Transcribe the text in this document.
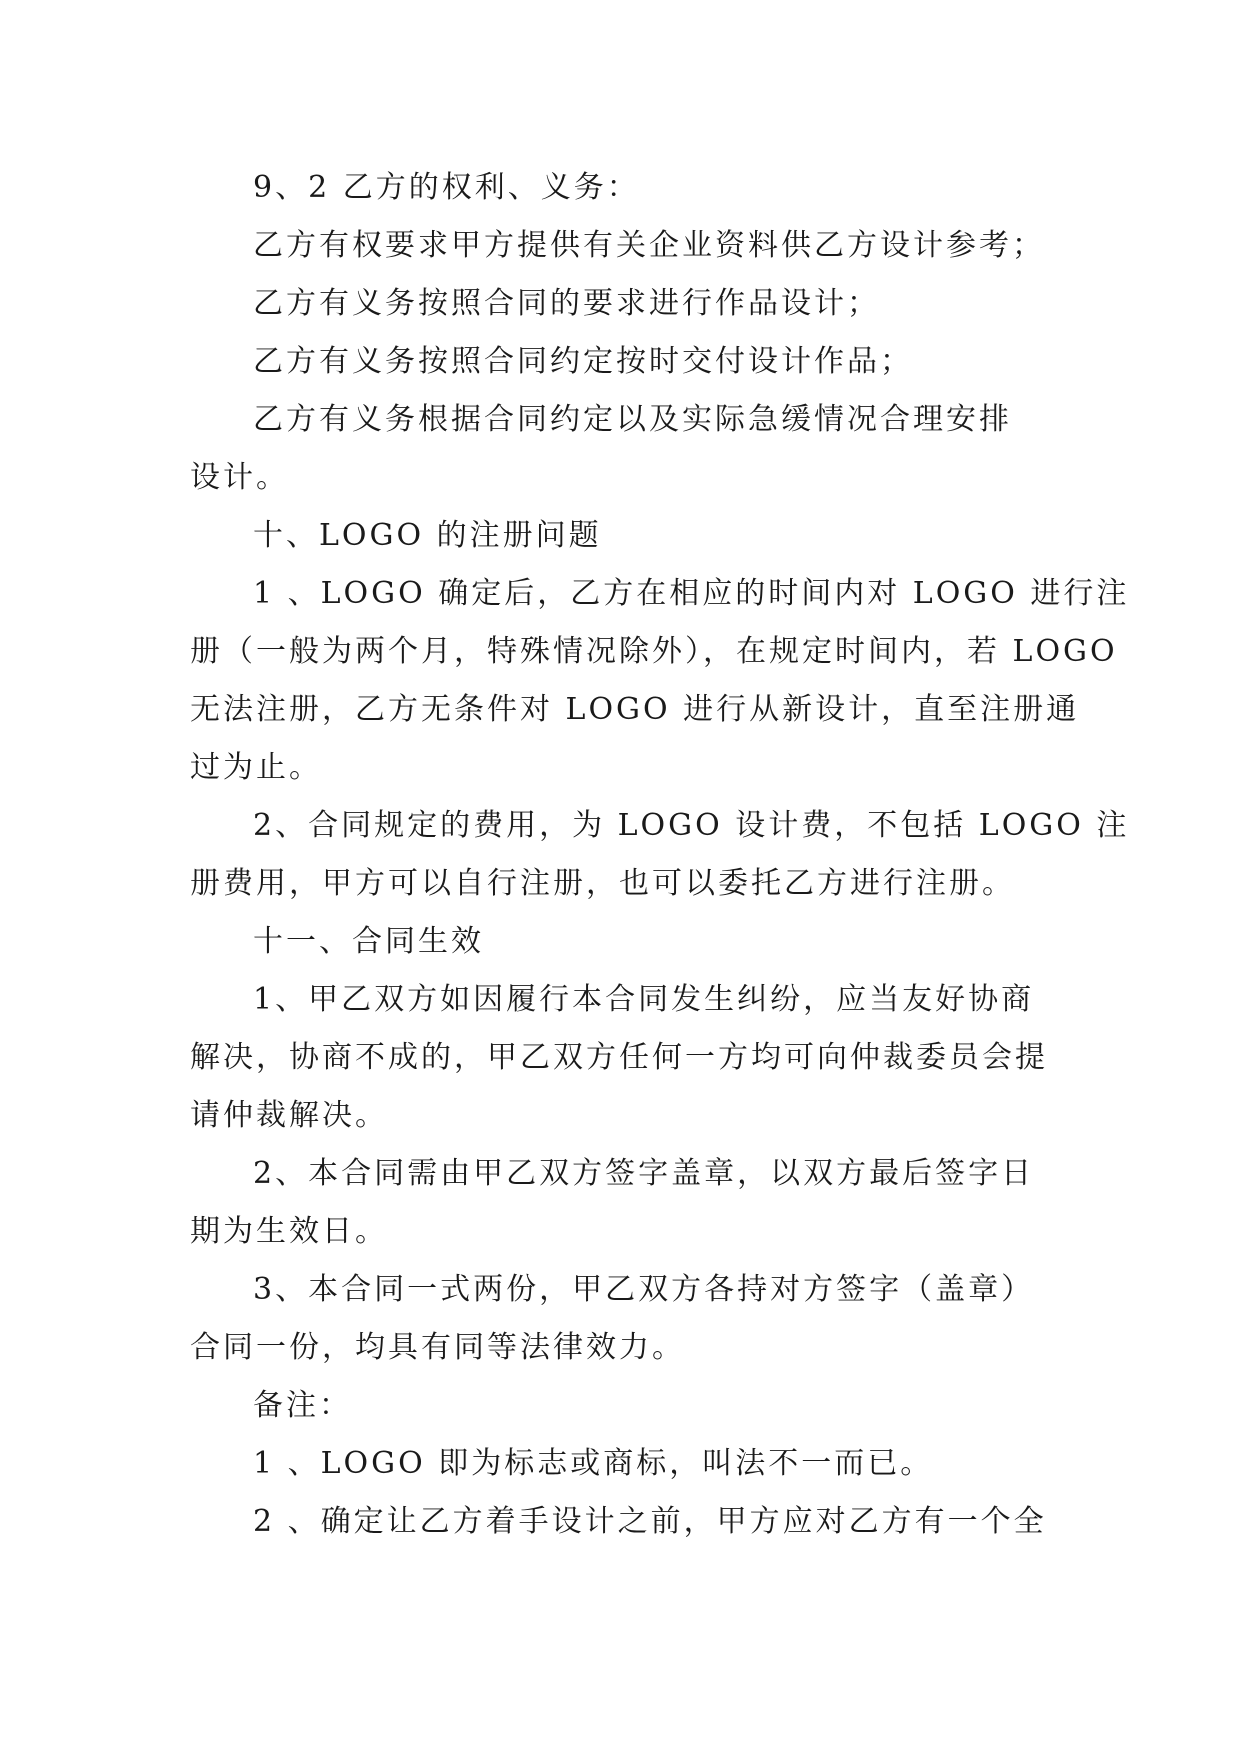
9、2 乙方的权利、义务：
乙方有权要求甲方提供有关企业资料供乙方设计参考；
乙方有义务按照合同的要求进行作品设计；
乙方有义务按照合同约定按时交付设计作品；
乙方有义务根据合同约定以及实际急缓情况合理安排
设计。
十、LOGO 的注册问题
1 、LOGO 确定后，乙方在相应的时间内对 LOGO 进行注
册（一般为两个月，特殊情况除外），在规定时间内，若 LOGO
无法注册，乙方无条件对 LOGO 进行从新设计，直至注册通
过为止。
2、合同规定的费用，为 LOGO 设计费，不包括 LOGO 注
册费用，甲方可以自行注册，也可以委托乙方进行注册。
十一、合同生效
1、甲乙双方如因履行本合同发生纠纷，应当友好协商
解决，协商不成的，甲乙双方任何一方均可向仲裁委员会提
请仲裁解决。
2、本合同需由甲乙双方签字盖章，以双方最后签字日
期为生效日。
3、本合同一式两份，甲乙双方各持对方签字（盖章）
合同一份，均具有同等法律效力。
备注：
1 、LOGO 即为标志或商标，叫法不一而已。
2 、确定让乙方着手设计之前，甲方应对乙方有一个全
